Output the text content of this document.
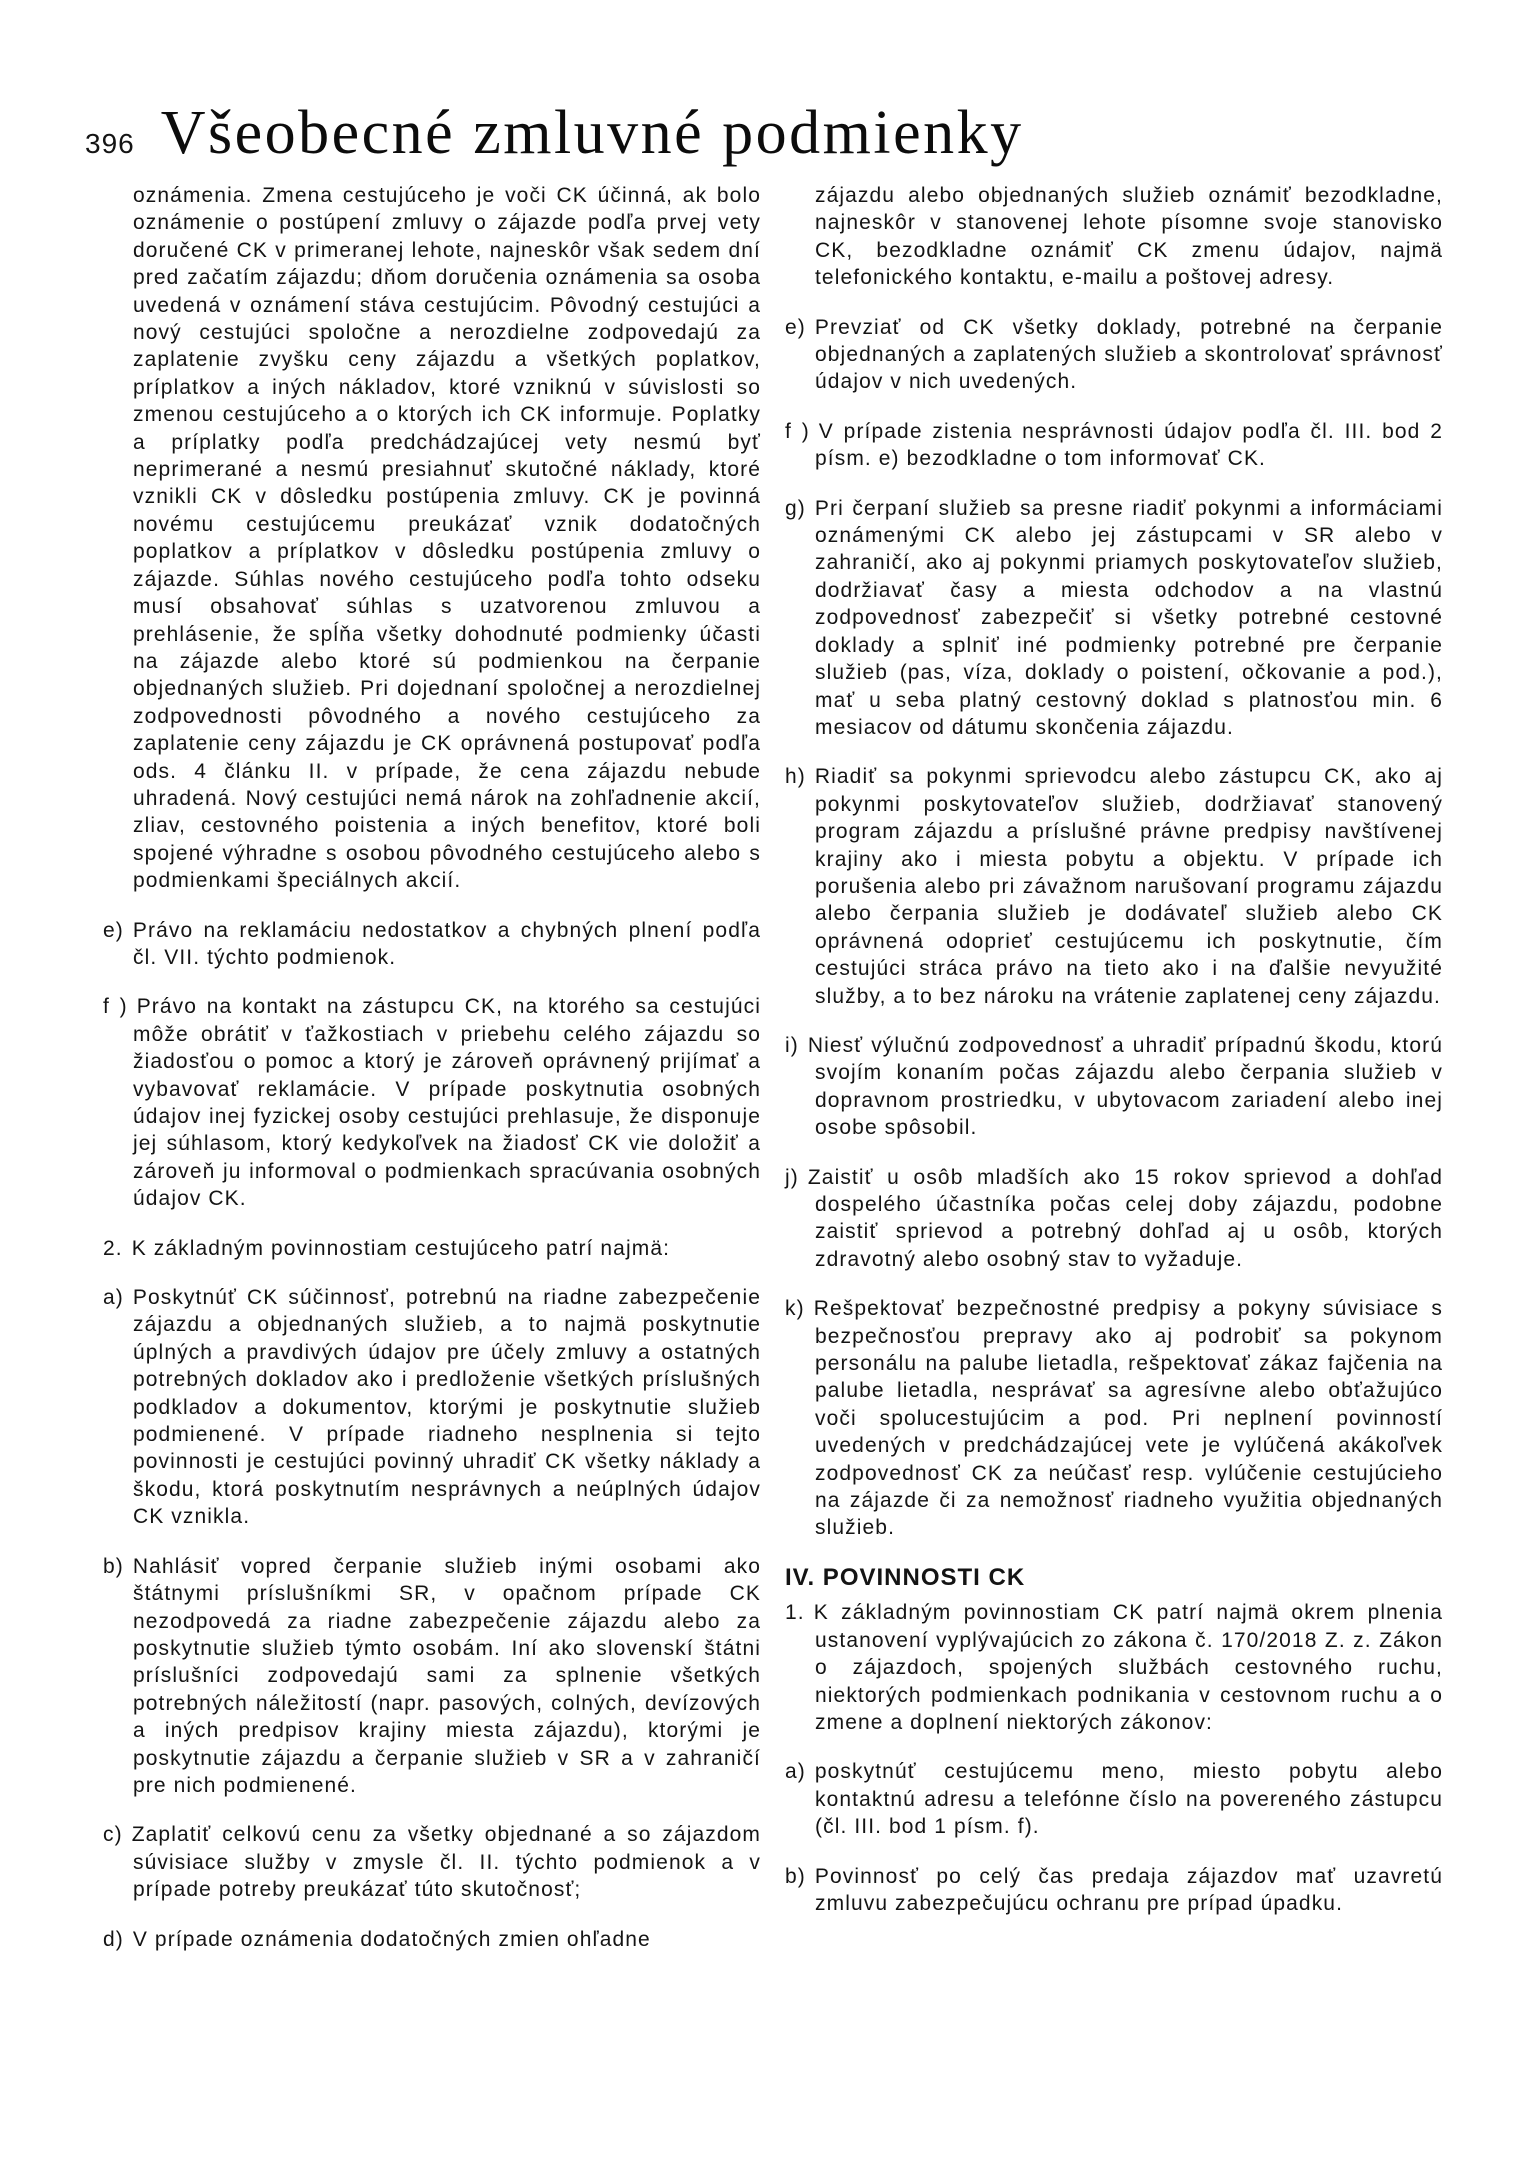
396 Všeobecné zmluvné podmienky

oznámenia. Zmena cestujúceho je voči CK účinná, ak bolo oznámenie o postúpení zmluvy o zájazde podľa prvej vety doručené CK v primeranej lehote, najneskôr však sedem dní pred začatím zájazdu; dňom doručenia oznámenia sa osoba uvedená v oznámení stáva cestujúcim. Pôvodný cestujúci a nový cestujúci spoločne a nerozdielne zodpovedajú za zaplatenie zvyšku ceny zájazdu a všetkých poplatkov, príplatkov a iných nákladov, ktoré vzniknú v súvislosti so zmenou cestujúceho a o ktorých ich CK informuje. Poplatky a príplatky podľa predchádzajúcej vety nesmú byť neprimerané a nesmú presiahnuť skutočné náklady, ktoré vznikli CK v dôsledku postúpenia zmluvy. CK je povinná novému cestujúcemu preukázať vznik dodatočných poplatkov a príplatkov v dôsledku postúpenia zmluvy o zájazde. Súhlas nového cestujúceho podľa tohto odseku musí obsahovať súhlas s uzatvorenou zmluvou a prehlásenie, že spĺňa všetky dohodnuté podmienky účasti na zájazde alebo ktoré sú podmienkou na čerpanie objednaných služieb. Pri dojednaní spoločnej a nerozdielnej zodpovednosti pôvodného a nového cestujúceho za zaplatenie ceny zájazdu je CK oprávnená postupovať podľa ods. 4 článku II. v prípade, že cena zájazdu nebude uhradená. Nový cestujúci nemá nárok na zohľadnenie akcií, zliav, cestovného poistenia a iných benefitov, ktoré boli spojené výhradne s osobou pôvodného cestujúceho alebo s podmienkami špeciálnych akcií.

e) Právo na reklamáciu nedostatkov a chybných plnení podľa čl. VII. týchto podmienok.

f ) Právo na kontakt na zástupcu CK, na ktorého sa cestujúci môže obrátiť v ťažkostiach v priebehu celého zájazdu so žiadosťou o pomoc a ktorý je zároveň oprávnený prijímať a vybavovať reklamácie. V prípade poskytnutia osobných údajov inej fyzickej osoby cestujúci prehlasuje, že disponuje jej súhlasom, ktorý kedykoľvek na žiadosť CK vie doložiť a zároveň ju informoval o podmienkach spracúvania osobných údajov CK.

2. K základným povinnostiam cestujúceho patrí najmä:

a) Poskytnúť CK súčinnosť, potrebnú na riadne zabezpečenie zájazdu a objednaných služieb, a to najmä poskytnutie úplných a pravdivých údajov pre účely zmluvy a ostatných potrebných dokladov ako i predloženie všetkých príslušných podkladov a dokumentov, ktorými je poskytnutie služieb podmienené. V prípade riadneho nesplnenia si tejto povinnosti je cestujúci povinný uhradiť CK všetky náklady a škodu, ktorá poskytnutím nesprávnych a neúplných údajov CK vznikla.

b) Nahlásiť vopred čerpanie služieb inými osobami ako štátnymi príslušníkmi SR, v opačnom prípade CK nezodpovedá za riadne zabezpečenie zájazdu alebo za poskytnutie služieb týmto osobám. Iní ako slovenskí štátni príslušníci zodpovedajú sami za splnenie všetkých potrebných náležitostí (napr. pasových, colných, devízových a iných predpisov krajiny miesta zájazdu), ktorými je poskytnutie zájazdu a čerpanie služieb v SR a v zahraničí pre nich podmienené.

c) Zaplatiť celkovú cenu za všetky objednané a so zájazdom súvisiace služby v zmysle čl. II. týchto podmienok a v prípade potreby preukázať túto skutočnosť;

d) V prípade oznámenia dodatočných zmien ohľadne

zájazdu alebo objednaných služieb oznámiť bezodkladne, najneskôr v stanovenej lehote písomne svoje stanovisko CK, bezodkladne oznámiť CK zmenu údajov, najmä telefonického kontaktu, e-mailu a poštovej adresy.

e) Prevziať od CK všetky doklady, potrebné na čerpanie objednaných a zaplatených služieb a skontrolovať správnosť údajov v nich uvedených.

f ) V prípade zistenia nesprávnosti údajov podľa čl. III. bod 2 písm. e) bezodkladne o tom informovať CK.

g) Pri čerpaní služieb sa presne riadiť pokynmi a informáciami oznámenými CK alebo jej zástupcami v SR alebo v zahraničí, ako aj pokynmi priamych poskytovateľov služieb, dodržiavať časy a miesta odchodov a na vlastnú zodpovednosť zabezpečiť si všetky potrebné cestovné doklady a splniť iné podmienky potrebné pre čerpanie služieb (pas, víza, doklady o poistení, očkovanie a pod.), mať u seba platný cestovný doklad s platnosťou min. 6 mesiacov od dátumu skončenia zájazdu.

h) Riadiť sa pokynmi sprievodcu alebo zástupcu CK, ako aj pokynmi poskytovateľov služieb, dodržiavať stanovený program zájazdu a príslušné právne predpisy navštívenej krajiny ako i miesta pobytu a objektu. V prípade ich porušenia alebo pri závažnom narušovaní programu zájazdu alebo čerpania služieb je dodávateľ služieb alebo CK oprávnená odoprieť cestujúcemu ich poskytnutie, čím cestujúci stráca právo na tieto ako i na ďalšie nevyužité služby, a to bez nároku na vrátenie zaplatenej ceny zájazdu.

i) Niesť výlučnú zodpovednosť a uhradiť prípadnú škodu, ktorú svojím konaním počas zájazdu alebo čerpania služieb v dopravnom prostriedku, v ubytovacom zariadení alebo inej osobe spôsobil.

j) Zaistiť u osôb mladších ako 15 rokov sprievod a dohľad dospelého účastníka počas celej doby zájazdu, podobne zaistiť sprievod a potrebný dohľad aj u osôb, ktorých zdravotný alebo osobný stav to vyžaduje.

k) Rešpektovať bezpečnostné predpisy a pokyny súvisiace s bezpečnosťou prepravy ako aj podrobiť sa pokynom personálu na palube lietadla, rešpektovať zákaz fajčenia na palube lietadla, nesprávať sa agresívne alebo obťažujúco voči spolucestujúcim a pod. Pri neplnení povinností uvedených v predchádzajúcej vete je vylúčená akákoľvek zodpovednosť CK za neúčasť resp. vylúčenie cestujúcieho na zájazde či za nemožnosť riadneho využitia objednaných služieb.

IV. POVINNOSTI CK

1. K základným povinnostiam CK patrí najmä okrem plnenia ustanovení vyplývajúcich zo zákona č. 170/2018 Z. z. Zákon o zájazdoch, spojených službách cestovného ruchu, niektorých podmienkach podnikania v cestovnom ruchu a o zmene a doplnení niektorých zákonov:

a) poskytnúť cestujúcemu meno, miesto pobytu alebo kontaktnú adresu a telefónne číslo na povereného zástupcu (čl. III. bod 1 písm. f).

b) Povinnosť po celý čas predaja zájazdov mať uzavretú zmluvu zabezpečujúcu ochranu pre prípad úpadku.
